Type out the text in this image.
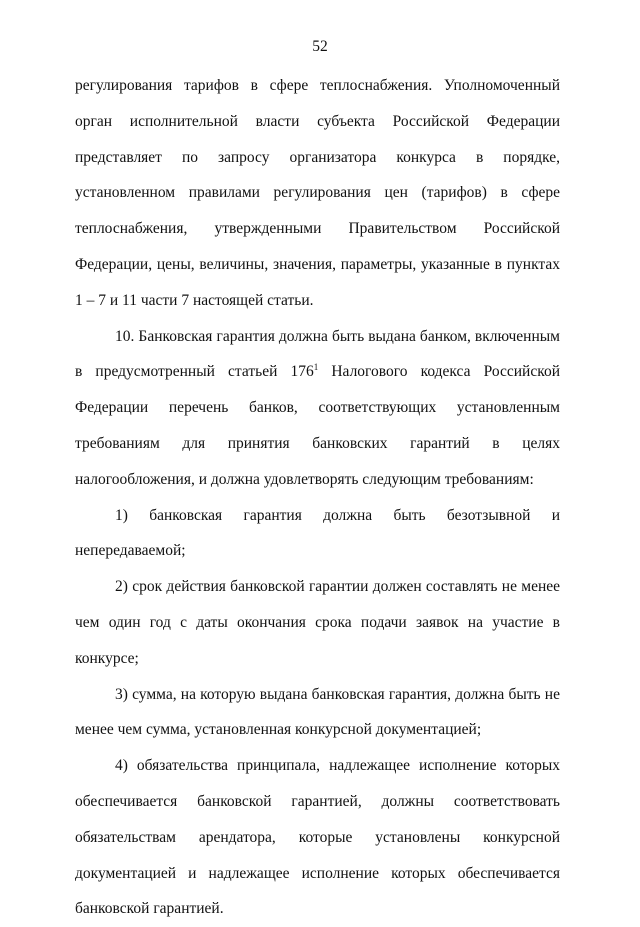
52

регулирования тарифов в сфере теплоснабжения. Уполномоченный орган исполнительной власти субъекта Российской Федерации представляет по запросу организатора конкурса в порядке, установленном правилами регулирования цен (тарифов) в сфере теплоснабжения, утвержденными Правительством Российской Федерации, цены, величины, значения, параметры, указанные в пунктах 1 – 7 и 11 части 7 настоящей статьи.

10. Банковская гарантия должна быть выдана банком, включенным в предусмотренный статьей $176^1$ Налогового кодекса Российской Федерации перечень банков, соответствующих установленным требованиям для принятия банковских гарантий в целях налогообложения, и должна удовлетворять следующим требованиям:

1) банковская гарантия должна быть безотзывной и непередаваемой;

2) срок действия банковской гарантии должен составлять не менее чем один год с даты окончания срока подачи заявок на участие в конкурсе;

3) сумма, на которую выдана банковская гарантия, должна быть не менее чем сумма, установленная конкурсной документацией;

4) обязательства принципала, надлежащее исполнение которых обеспечивается банковской гарантией, должны соответствовать обязательствам арендатора, которые установлены конкурсной документацией и надлежащее исполнение которых обеспечивается банковской гарантией.
